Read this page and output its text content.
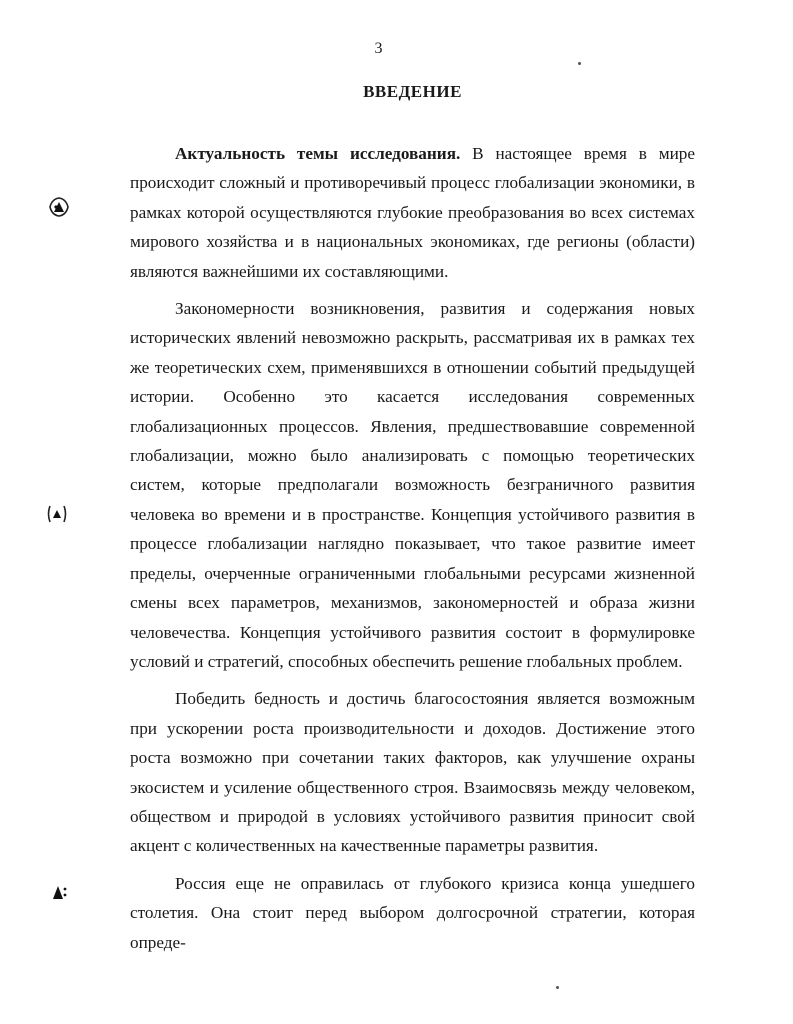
3
ВВЕДЕНИЕ

Актуальность темы исследования. В настоящее время в мире происходит сложный и противоречивый процесс глобализации экономики, в рамках которой осуществляются глубокие преобразования во всех системах мирового хозяйства и в национальных экономиках, где регионы (области) являются важнейшими их составляющими.

Закономерности возникновения, развития и содержания новых исторических явлений невозможно раскрыть, рассматривая их в рамках тех же теоретических схем, применявшихся в отношении событий предыдущей истории. Особенно это касается исследования современных глобализационных процессов. Явления, предшествовавшие современной глобализации, можно было анализировать с помощью теоретических систем, которые предполагали возможность безграничного развития человека во времени и в пространстве. Концепция устойчивого развития в процессе глобализации наглядно показывает, что такое развитие имеет пределы, очерченные ограниченными глобальными ресурсами жизненной смены всех параметров, механизмов, закономерностей и образа жизни человечества. Концепция устойчивого развития состоит в формулировке условий и стратегий, способных обеспечить решение глобальных проблем.

Победить бедность и достичь благосостояния является возможным при ускорении роста производительности и доходов. Достижение этого роста возможно при сочетании таких факторов, как улучшение охраны экосистем и усиление общественного строя. Взаимосвязь между человеком, обществом и природой в условиях устойчивого развития приносит свой акцент с количественных на качественные параметры развития.

Россия еще не оправилась от глубокого кризиса конца ушедшего столетия. Она стоит перед выбором долгосрочной стратегии, которая опреде-
